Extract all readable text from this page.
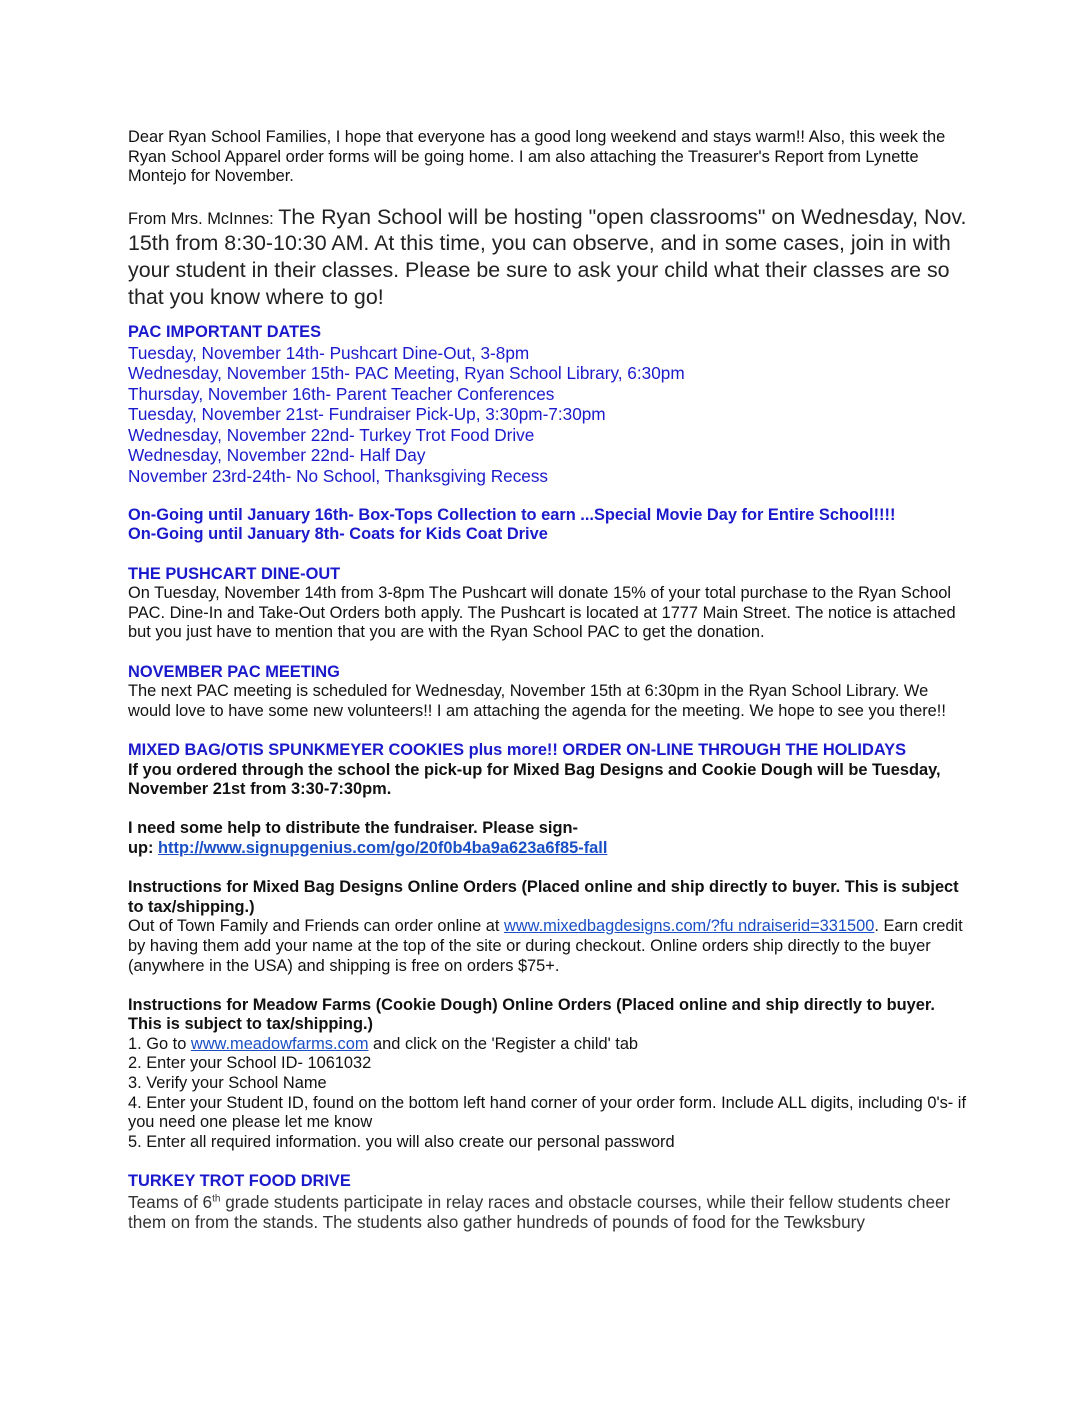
Dear Ryan School Families, I hope that everyone has a good long weekend and stays warm!! Also, this week the Ryan School Apparel order forms will be going home. I am also attaching the Treasurer's Report from Lynette Montejo for November.

From Mrs. McInnes: The Ryan School will be hosting "open classrooms" on Wednesday, Nov. 15th from 8:30-10:30 AM. At this time, you can observe, and in some cases, join in with your student in their classes. Please be sure to ask your child what their classes are so that you know where to go!

PAC IMPORTANT DATES
Tuesday, November 14th- Pushcart Dine-Out, 3-8pm
Wednesday, November 15th- PAC Meeting, Ryan School Library, 6:30pm
Thursday, November 16th- Parent Teacher Conferences
Tuesday, November 21st- Fundraiser Pick-Up, 3:30pm-7:30pm
Wednesday, November 22nd- Turkey Trot Food Drive
Wednesday, November 22nd- Half Day
November 23rd-24th- No School, Thanksgiving Recess
On-Going until January 16th- Box-Tops Collection to earn ...Special Movie Day for Entire School!!!!
On-Going until January 8th- Coats for Kids Coat Drive
THE PUSHCART DINE-OUT

On Tuesday, November 14th from 3-8pm The Pushcart will donate 15% of your total purchase to the Ryan School PAC. Dine-In and Take-Out Orders both apply. The Pushcart is located at 1777 Main Street. The notice is attached but you just have to mention that you are with the Ryan School PAC to get the donation.

NOVEMBER PAC MEETING

The next PAC meeting is scheduled for Wednesday, November 15th at 6:30pm in the Ryan School Library. We would love to have some new volunteers!! I am attaching the agenda for the meeting. We hope to see you there!!

MIXED BAG/OTIS SPUNKMEYER COOKIES plus more!! ORDER ON-LINE THROUGH THE HOLIDAYS

If you ordered through the school the pick-up for Mixed Bag Designs and Cookie Dough will be Tuesday, November 21st from 3:30-7:30pm.

I need some help to distribute the fundraiser. Please sign-
up: http://www.signupgenius.com/go/20f0b4ba9a623a6f85-fall
Instructions for Mixed Bag Designs Online Orders (Placed online and ship directly to buyer. This is subject to tax/shipping.)

Out of Town Family and Friends can order online at www.mixedbagdesigns.com/?fu ndraiserid=331500. Earn credit by having them add your name at the top of the site or during checkout. Online orders ship directly to the buyer (anywhere in the USA) and shipping is free on orders $75+.

Instructions for Meadow Farms (Cookie Dough) Online Orders (Placed online and ship directly to buyer. This is subject to tax/shipping.)
1. Go to www.meadowfarms.com and click on the 'Register a child' tab
2. Enter your School ID- 1061032
3. Verify your School Name
4. Enter your Student ID, found on the bottom left hand corner of your order form. Include ALL digits, including 0's- if you need one please let me know
5. Enter all required information. you will also create our personal password
TURKEY TROT FOOD DRIVE

Teams of 6th grade students participate in relay races and obstacle courses, while their fellow students cheer them on from the stands. The students also gather hundreds of pounds of food for the Tewksbury
